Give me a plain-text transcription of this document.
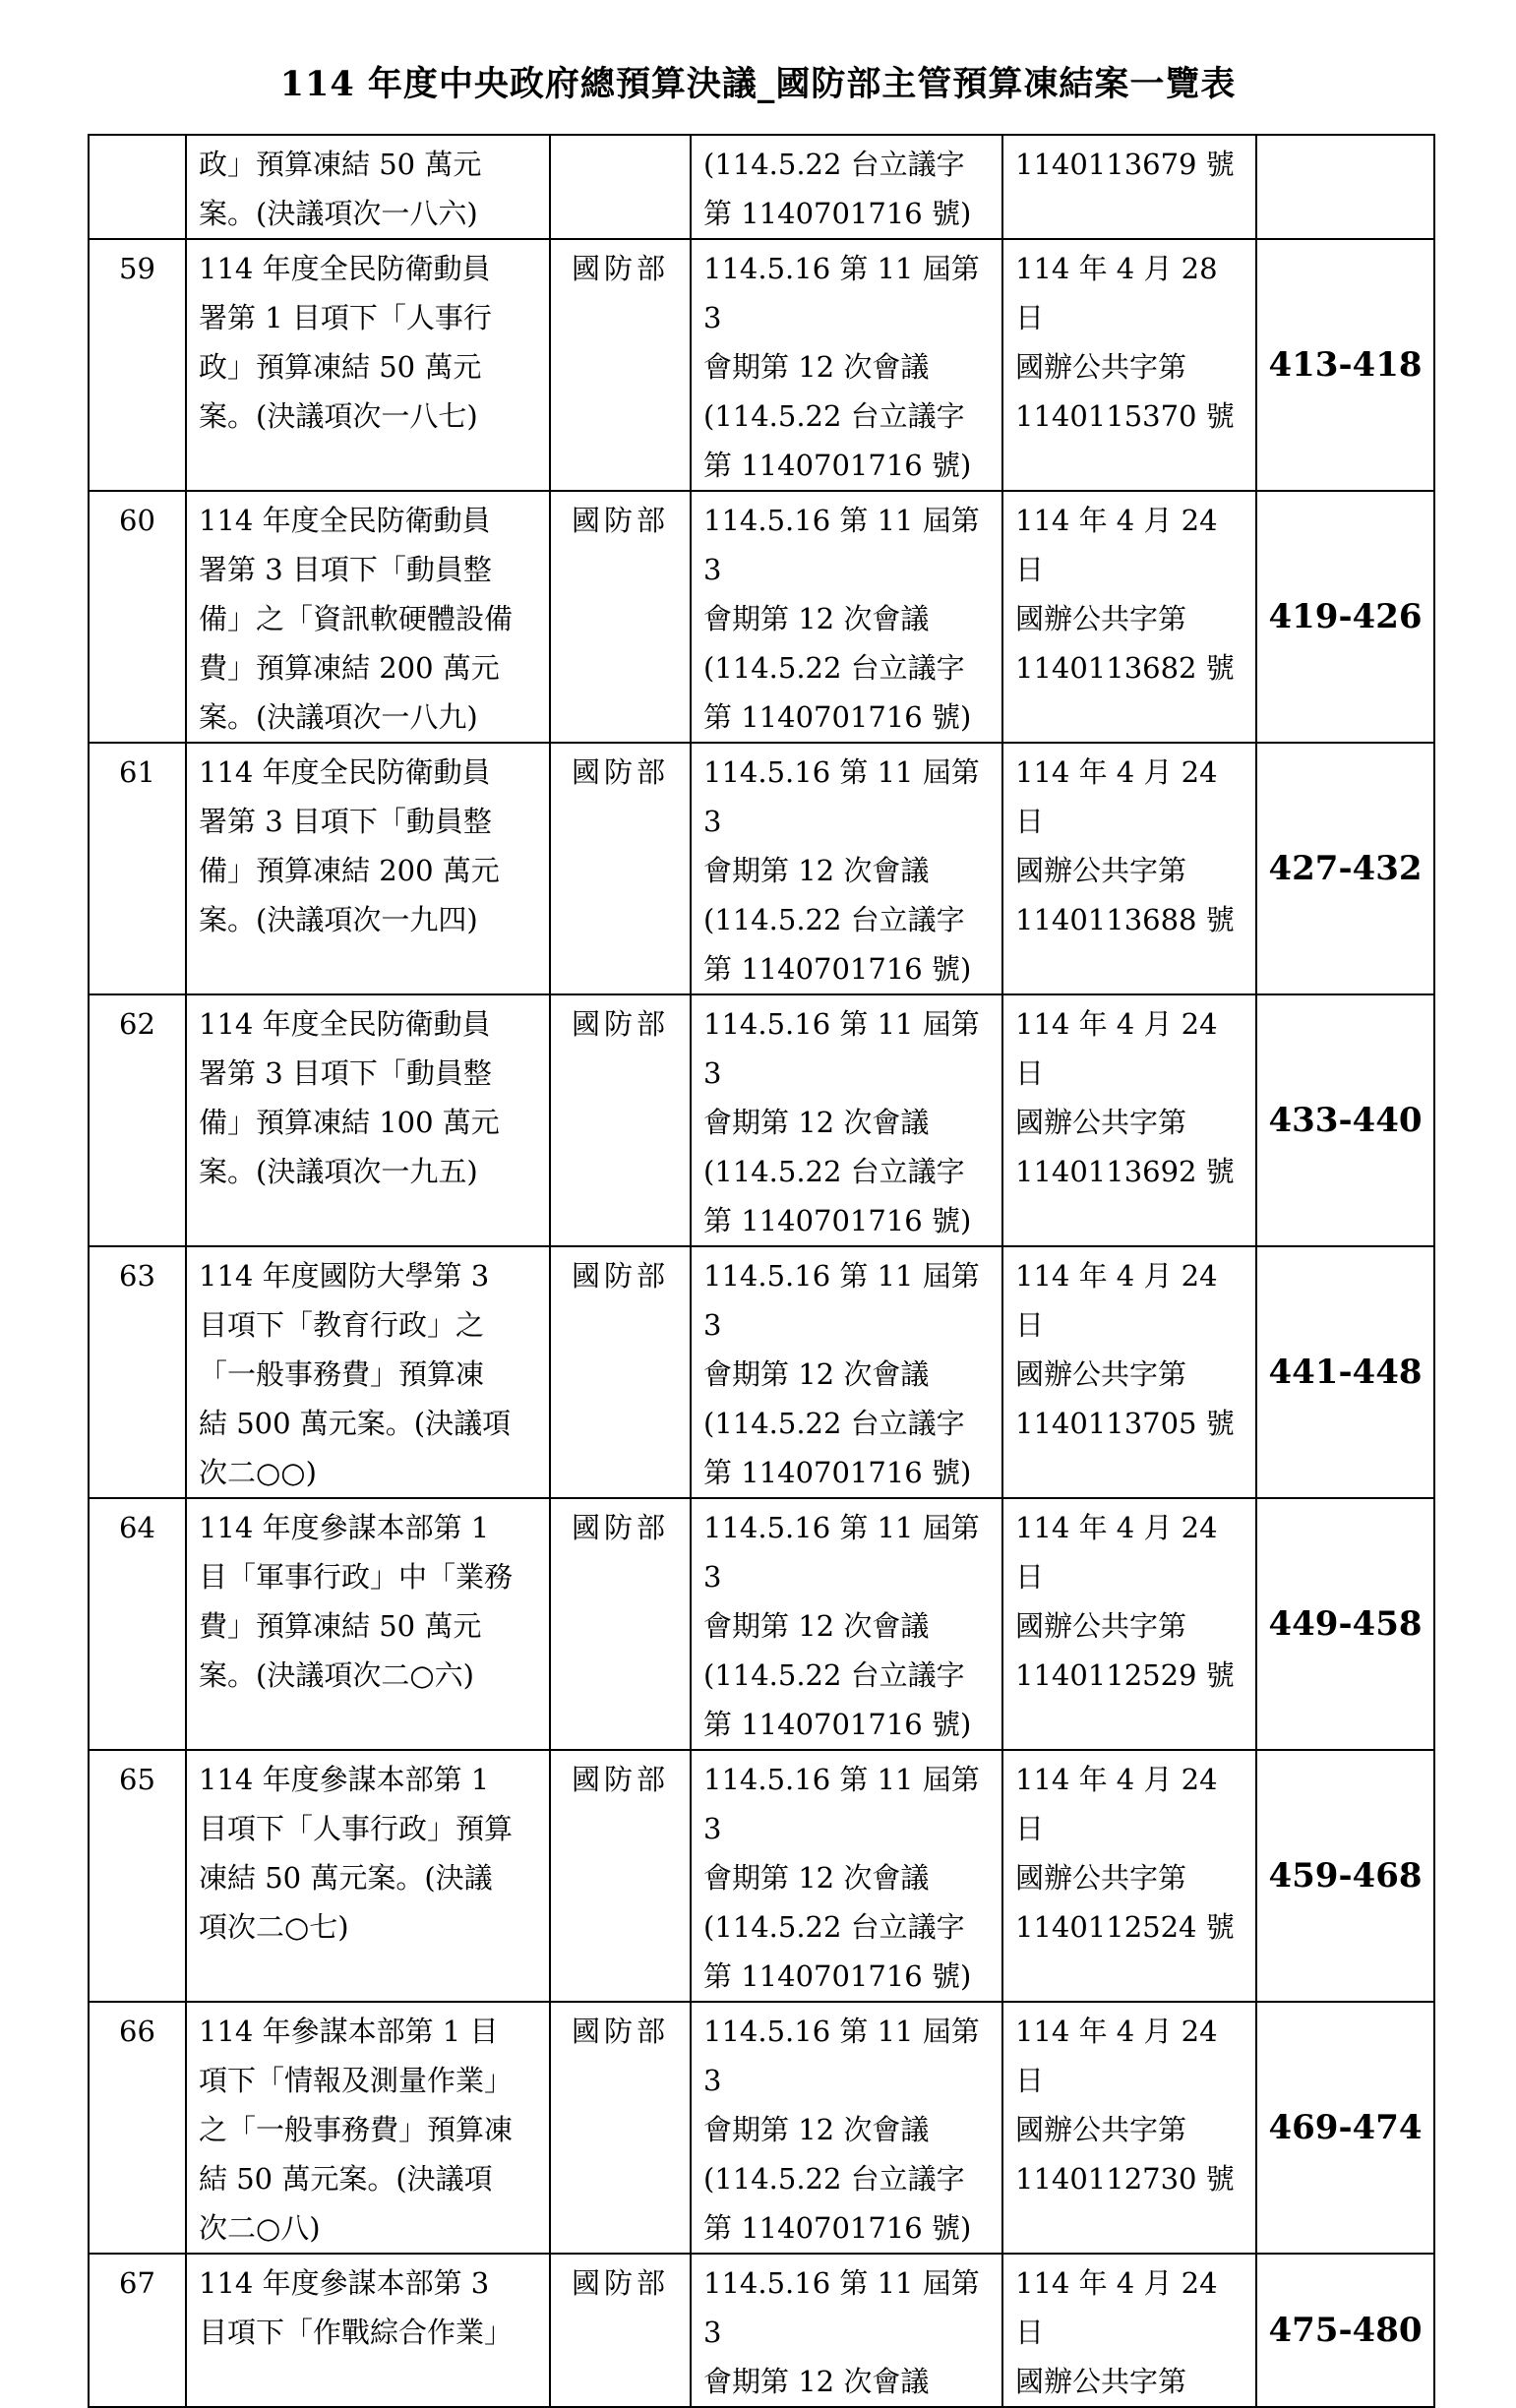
114 年度中央政府總預算決議_國防部主管預算凍結案一覽表

	政」預算凍結 50 萬元
案。(決議項次一八六)		(114.5.22 台立議字
第 1140701716 號)	1140113679 號	

59	114 年度全民防衛動員
署第 1 目項下「人事行
政」預算凍結 50 萬元
案。(決議項次一八七)	國防部	114.5.16 第 11 屆第 3
會期第 12 次會議
(114.5.22 台立議字
第 1140701716 號)	114 年 4 月 28 日
國辦公共字第
1140115370 號	413-418

60	114 年度全民防衛動員
署第 3 目項下「動員整
備」之「資訊軟硬體設備
費」預算凍結 200 萬元
案。(決議項次一八九)	國防部	114.5.16 第 11 屆第 3
會期第 12 次會議
(114.5.22 台立議字
第 1140701716 號)	114 年 4 月 24 日
國辦公共字第
1140113682 號	419-426

61	114 年度全民防衛動員
署第 3 目項下「動員整
備」預算凍結 200 萬元
案。(決議項次一九四)	國防部	114.5.16 第 11 屆第 3
會期第 12 次會議
(114.5.22 台立議字
第 1140701716 號)	114 年 4 月 24 日
國辦公共字第
1140113688 號	427-432

62	114 年度全民防衛動員
署第 3 目項下「動員整
備」預算凍結 100 萬元
案。(決議項次一九五)	國防部	114.5.16 第 11 屆第 3
會期第 12 次會議
(114.5.22 台立議字
第 1140701716 號)	114 年 4 月 24 日
國辦公共字第
1140113692 號	433-440

63	114 年度國防大學第 3
目項下「教育行政」之
「一般事務費」預算凍
結 500 萬元案。(決議項
次二○○)	國防部	114.5.16 第 11 屆第 3
會期第 12 次會議
(114.5.22 台立議字
第 1140701716 號)	114 年 4 月 24 日
國辦公共字第
1140113705 號	441-448

64	114 年度參謀本部第 1
目「軍事行政」中「業務
費」預算凍結 50 萬元
案。(決議項次二○六)	國防部	114.5.16 第 11 屆第 3
會期第 12 次會議
(114.5.22 台立議字
第 1140701716 號)	114 年 4 月 24 日
國辦公共字第
1140112529 號	449-458

65	114 年度參謀本部第 1
目項下「人事行政」預算
凍結 50 萬元案。(決議
項次二○七)	國防部	114.5.16 第 11 屆第 3
會期第 12 次會議
(114.5.22 台立議字
第 1140701716 號)	114 年 4 月 24 日
國辦公共字第
1140112524 號	459-468

66	114 年參謀本部第 1 目
項下「情報及測量作業」
之「一般事務費」預算凍
結 50 萬元案。(決議項
次二○八)	國防部	114.5.16 第 11 屆第 3
會期第 12 次會議
(114.5.22 台立議字
第 1140701716 號)	114 年 4 月 24 日
國辦公共字第
1140112730 號	469-474

67	114 年度參謀本部第 3
目項下「作戰綜合作業」	國防部	114.5.16 第 11 屆第 3
會期第 12 次會議	114 年 4 月 24 日
國辦公共字第	475-480
